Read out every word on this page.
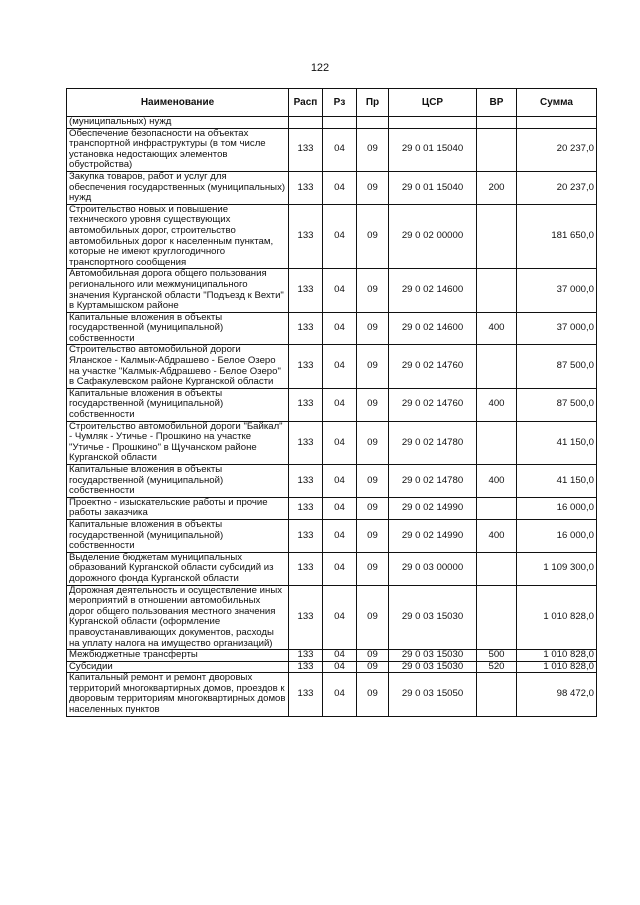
122
Наименование	Расп	Рз	Пр	ЦСР	ВР	Сумма
(муниципальных) нужд						
Обеспечение безопасности на объектах транспортной инфраструктуры (в том числе установка недостающих элементов обустройства)	133	04	09	29 0 01 15040		20 237,0
Закупка товаров, работ и услуг для обеспечения государственных (муниципальных) нужд	133	04	09	29 0 01 15040	200	20 237,0
Строительство новых и повышение технического уровня существующих автомобильных дорог, строительство автомобильных дорог к населенным пунктам, которые не имеют круглогодичного транспортного сообщения	133	04	09	29 0 02 00000		181 650,0
Автомобильная дорога общего пользования регионального или межмуниципального значения Курганской области "Подъезд к Вехти" в Куртамышском районе	133	04	09	29 0 02 14600		37 000,0
Капитальные вложения в объекты государственной (муниципальной) собственности	133	04	09	29 0 02 14600	400	37 000,0
Строительство автомобильной дороги Яланское - Калмык-Абдрашево - Белое Озеро на участке "Калмык-Абдрашево - Белое Озеро" в Сафакулевском районе Курганской области	133	04	09	29 0 02 14760		87 500,0
Капитальные вложения в объекты государственной (муниципальной) собственности	133	04	09	29 0 02 14760	400	87 500,0
Строительство автомобильной дороги "Байкал" - Чумляк - Утичье - Прошкино на участке "Утичье - Прошкино" в Щучанском районе Курганской области	133	04	09	29 0 02 14780		41 150,0
Капитальные вложения в объекты государственной (муниципальной) собственности	133	04	09	29 0 02 14780	400	41 150,0
Проектно - изыскательские работы и прочие работы заказчика	133	04	09	29 0 02 14990		16 000,0
Капитальные вложения в объекты государственной (муниципальной) собственности	133	04	09	29 0 02 14990	400	16 000,0
Выделение бюджетам муниципальных образований Курганской области субсидий из дорожного фонда Курганской области	133	04	09	29 0 03 00000		1 109 300,0
Дорожная деятельность и осуществление иных мероприятий в отношении автомобильных дорог общего пользования местного значения Курганской области (оформление правоустанавливающих документов, расходы на уплату налога на имущество организаций)	133	04	09	29 0 03 15030		1 010 828,0
Межбюджетные трансферты	133	04	09	29 0 03 15030	500	1 010 828,0
Субсидии	133	04	09	29 0 03 15030	520	1 010 828,0
Капитальный ремонт и ремонт дворовых территорий многоквартирных домов, проездов к дворовым территориям многоквартирных домов населенных пунктов	133	04	09	29 0 03 15050		98 472,0
